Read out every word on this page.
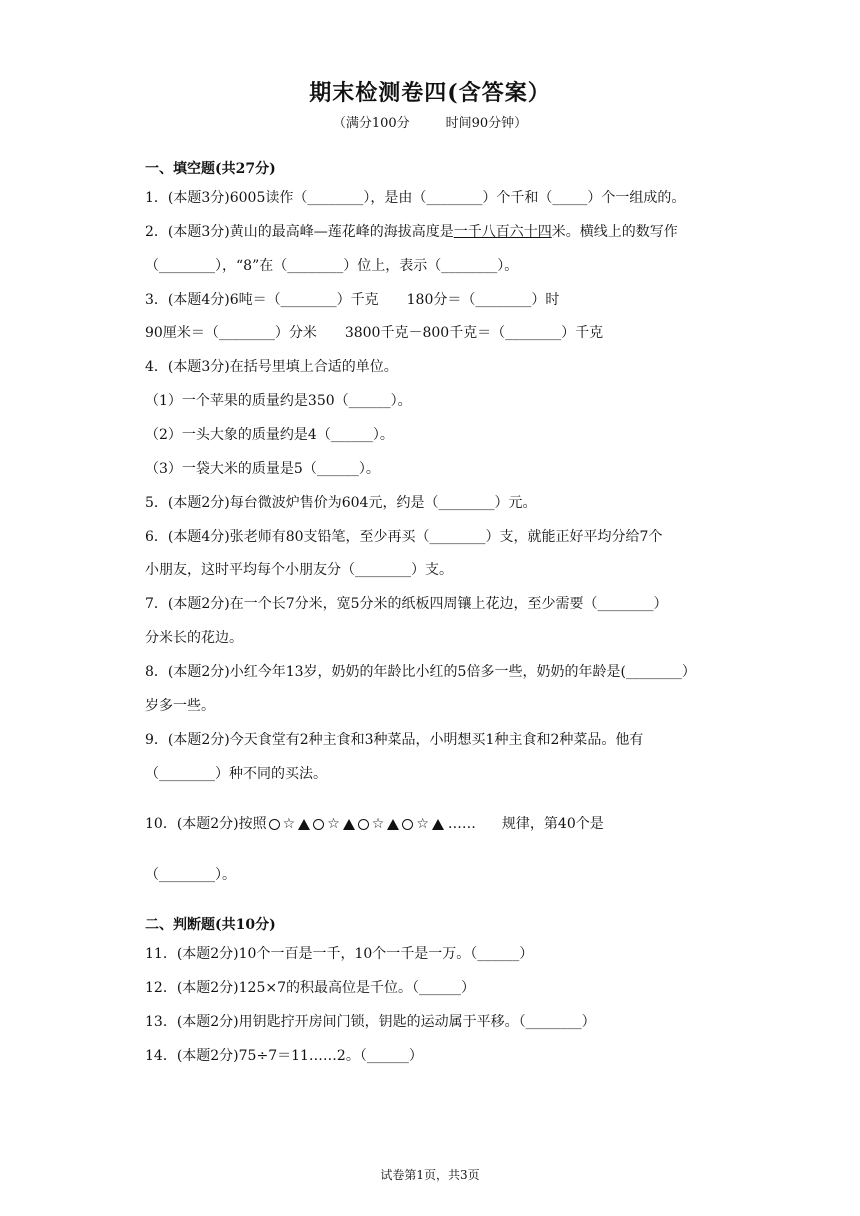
期末检测卷四(含答案）
（满分100分	时间90分钟）
一、填空题(共27分)
1．(本题3分)6005读作（________），是由（________）个千和（_____）个一组成的。
2．(本题3分)黄山的最高峰—莲花峰的海拔高度是一千八百六十四米。横线上的数写作
（________），“8”在（________）位上，表示（________）。
3．(本题4分)6吨＝（________）千克　　180分＝（________）时
90厘米＝（________）分米　　3800千克－800千克＝（________）千克
4．(本题3分)在括号里填上合适的单位。
（1）一个苹果的质量约是350（______）。
（2）一头大象的质量约是4（______）。
（3）一袋大米的质量是5（______）。
5．(本题2分)每台微波炉售价为604元，约是（________）元。
6．(本题4分)张老师有80支铅笔，至少再买（________）支，就能正好平均分给7个
小朋友，这时平均每个小朋友分（________）支。
7．(本题2分)在一个长7分米，宽5分米的纸板四周镶上花边，至少需要（________）
分米长的花边。
8．(本题2分)小红今年13岁，奶奶的年龄比小红的5倍多一些，奶奶的年龄是(________）
岁多一些。
9．(本题2分)今天食堂有2种主食和3种菜品，小明想买1种主食和2种菜品。他有
（________）种不同的买法。
10．(本题2分)按照 ☆ ☆ ☆ ☆ …… 规律，第40个是
（________）。
二、判断题(共10分)
11．(本题2分)10个一百是一千，10个一千是一万。（______）
12．(本题2分)125×7的积最高位是千位。（______）
13．(本题2分)用钥匙拧开房间门锁，钥匙的运动属于平移。（________）
14．(本题2分)75÷7＝11……2。（______）
试卷第1页，共3页
